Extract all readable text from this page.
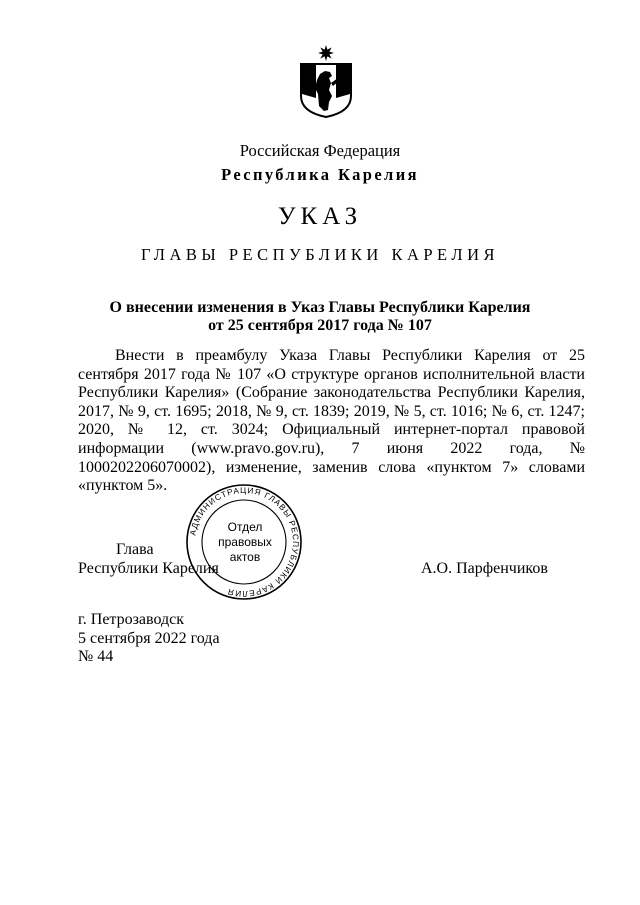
Российская Федерация
Республика Карелия
УКАЗ
ГЛАВЫ РЕСПУБЛИКИ КАРЕЛИЯ
О внесении изменения в Указ Главы Республики Карелия
от 25 сентября 2017 года № 107
Внести в преамбулу Указа Главы Республики Карелия от 25 сентября 2017 года № 107 «О структуре органов исполнительной власти Республики Карелия» (Собрание законодательства Республики Карелия, 2017, № 9, ст. 1695; 2018, № 9, ст. 1839; 2019, № 5, ст. 1016; № 6, ст. 1247; 2020, № 12, ст. 3024; Официальный интернет-портал правовой информации (www.pravo.gov.ru), 7 июня 2022 года, № 1000202206070002), изменение, заменив слова «пунктом 7» словами «пунктом 5».
Глава
Республики Карелия
АДМИНИСТРАЦИЯ ГЛАВЫ РЕСПУБЛИКИ КАРЕЛИЯ
Отдел
правовых
актов
А.О. Парфенчиков
г. Петрозаводск
5 сентября 2022 года
№ 44
